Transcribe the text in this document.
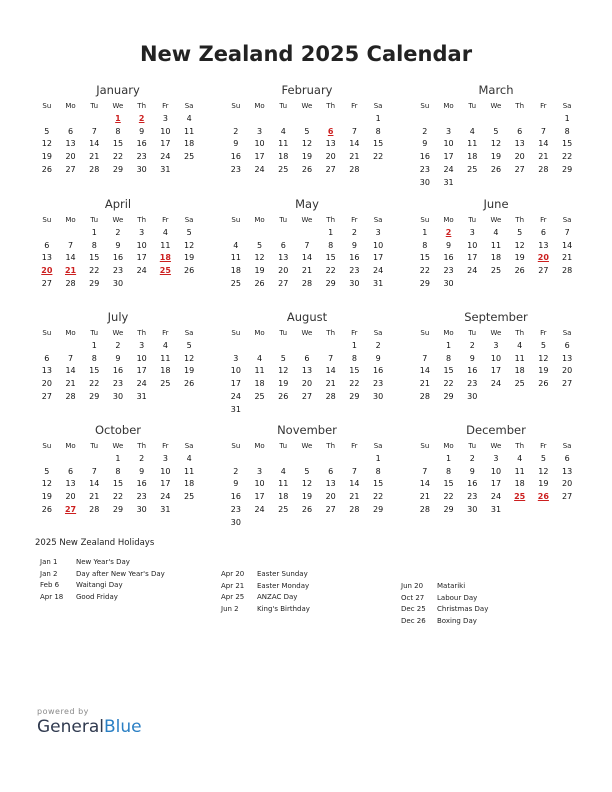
New Zealand 2025 Calendar
January
Su	Mo	Tu	We	Th	Fr	Sa
			1	2	3	4
5	6	7	8	9	10	11
12	13	14	15	16	17	18
19	20	21	22	23	24	25
26	27	28	29	30	31	
February
Su	Mo	Tu	We	Th	Fr	Sa
						1
2	3	4	5	6	7	8
9	10	11	12	13	14	15
16	17	18	19	20	21	22
23	24	25	26	27	28	
March
Su	Mo	Tu	We	Th	Fr	Sa
						1
2	3	4	5	6	7	8
9	10	11	12	13	14	15
16	17	18	19	20	21	22
23	24	25	26	27	28	29
30	31					
April
Su	Mo	Tu	We	Th	Fr	Sa
		1	2	3	4	5
6	7	8	9	10	11	12
13	14	15	16	17	18	19
20	21	22	23	24	25	26
27	28	29	30			
May
Su	Mo	Tu	We	Th	Fr	Sa
				1	2	3
4	5	6	7	8	9	10
11	12	13	14	15	16	17
18	19	20	21	22	23	24
25	26	27	28	29	30	31
June
Su	Mo	Tu	We	Th	Fr	Sa
1	2	3	4	5	6	7
8	9	10	11	12	13	14
15	16	17	18	19	20	21
22	23	24	25	26	27	28
29	30					
July
Su	Mo	Tu	We	Th	Fr	Sa
		1	2	3	4	5
6	7	8	9	10	11	12
13	14	15	16	17	18	19
20	21	22	23	24	25	26
27	28	29	30	31		
August
Su	Mo	Tu	We	Th	Fr	Sa
					1	2
3	4	5	6	7	8	9
10	11	12	13	14	15	16
17	18	19	20	21	22	23
24	25	26	27	28	29	30
31						
September
Su	Mo	Tu	We	Th	Fr	Sa
	1	2	3	4	5	6
7	8	9	10	11	12	13
14	15	16	17	18	19	20
21	22	23	24	25	26	27
28	29	30				
October
Su	Mo	Tu	We	Th	Fr	Sa
			1	2	3	4
5	6	7	8	9	10	11
12	13	14	15	16	17	18
19	20	21	22	23	24	25
26	27	28	29	30	31	
November
Su	Mo	Tu	We	Th	Fr	Sa
						1
2	3	4	5	6	7	8
9	10	11	12	13	14	15
16	17	18	19	20	21	22
23	24	25	26	27	28	29
30						
December
Su	Mo	Tu	We	Th	Fr	Sa
	1	2	3	4	5	6
7	8	9	10	11	12	13
14	15	16	17	18	19	20
21	22	23	24	25	26	27
28	29	30	31			
2025 New Zealand Holidays
Jan 1	New Year's Day
Jan 2	Day after New Year's Day
Feb 6 Waitangi Day
Apr 18 Good Friday
Apr 20 Easter Sunday
Apr 21 Easter Monday
Apr 25 ANZAC Day
Jun 2	King's Birthday
Jun 20 Matariki
Oct 27 Labour Day
Dec 25 Christmas Day
Dec 26 Boxing Day
powered by
GeneralBlue
